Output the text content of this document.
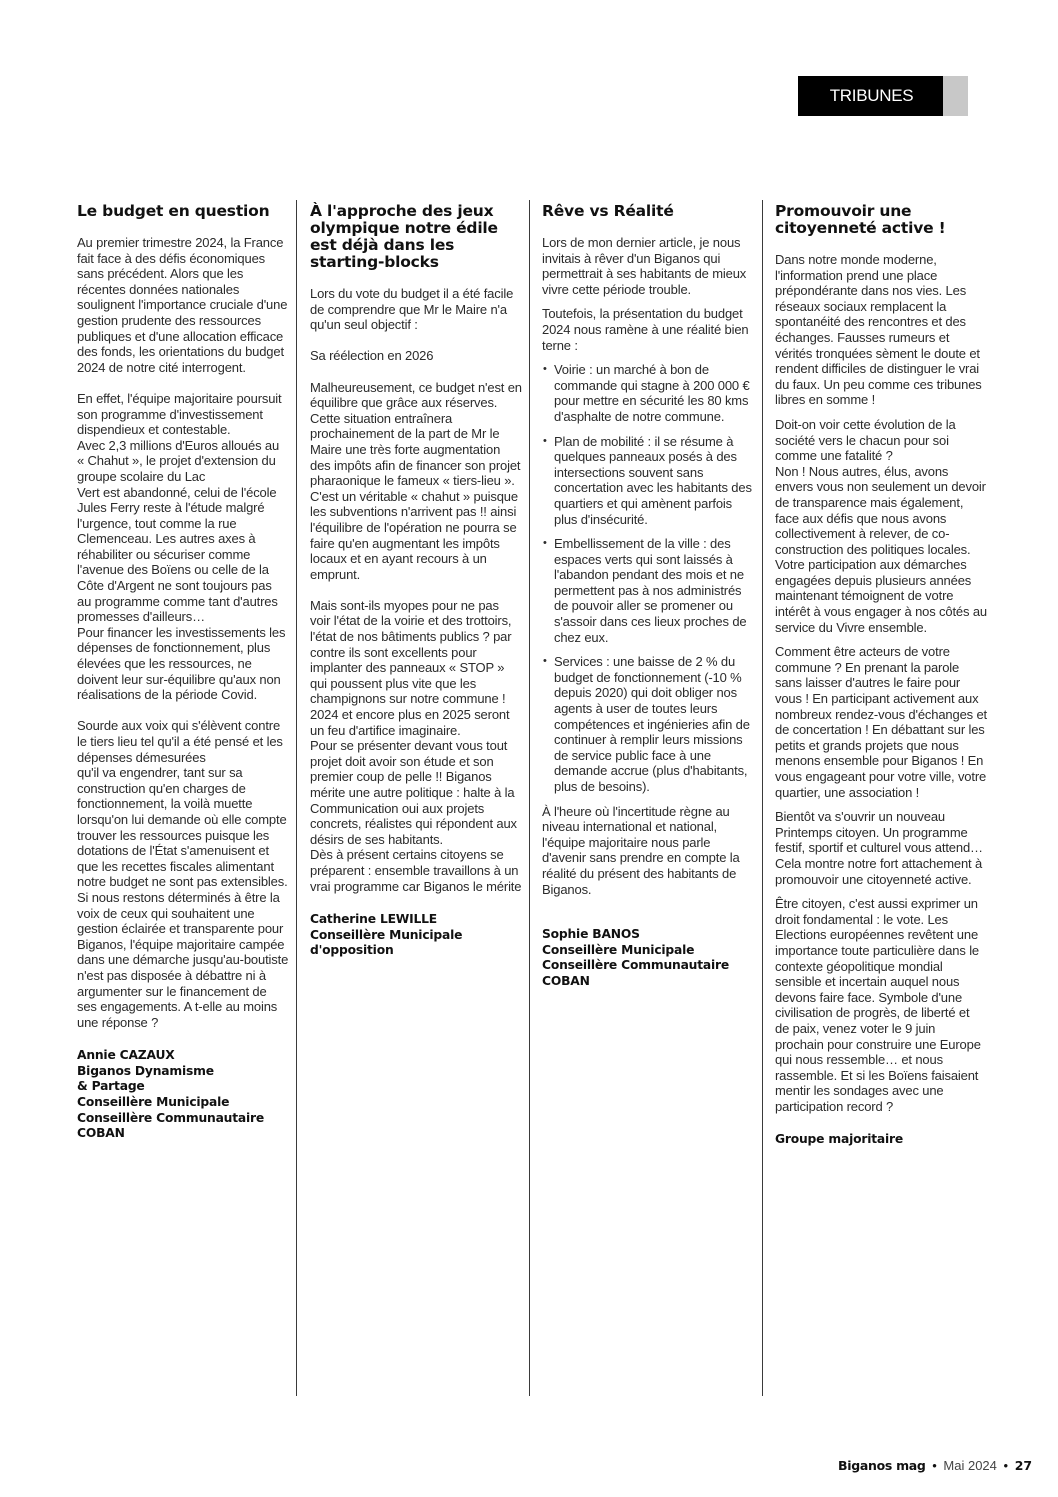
TRIBUNES LIBRES
Le budget en question

Au premier trimestre 2024, la France fait face à des défis économiques sans précédent. Alors que les récentes données nationales soulignent l'importance cruciale d'une gestion prudente des ressources publiques et d'une allocation efficace des fonds, les orientations du budget 2024 de notre cité interrogent.

En effet, l'équipe majoritaire poursuit son programme d'investissement dispendieux et contestable.

Avec 2,3 millions d'Euros alloués au « Chahut », le projet d'extension du groupe scolaire du Lac

Vert est abandonné, celui de l'école Jules Ferry reste à l'étude malgré l'urgence, tout comme la rue Clemenceau. Les autres axes à réhabiliter ou sécuriser comme l'avenue des Boïens ou celle de la Côte d'Argent ne sont toujours pas au programme comme tant d'autres promesses d'ailleurs…

Pour financer les investissements les dépenses de fonctionnement, plus élevées que les ressources, ne doivent leur sur-équilibre qu'aux non réalisations de la période Covid.

Sourde aux voix qui s'élèvent contre le tiers lieu tel qu'il a été pensé et les dépenses démesurées

qu'il va engendrer, tant sur sa construction qu'en charges de fonctionnement, la voilà muette lorsqu'on lui demande où elle compte trouver les ressources puisque les dotations de l'État s'amenuisent et que les recettes fiscales alimentant notre budget ne sont pas extensibles.

Si nous restons déterminés à être la voix de ceux qui souhaitent une gestion éclairée et transparente pour Biganos, l'équipe majoritaire campée dans une démarche jusqu'au-boutiste n'est pas disposée à débattre ni à argumenter sur le financement de ses engagements. A t-elle au moins une réponse ?

Annie CAZAUX
Biganos Dynamisme
& Partage
Conseillère Municipale
Conseillère Communautaire
COBAN
À l'approche des jeux olympique notre édile est déjà dans les starting-blocks

Lors du vote du budget il a été facile de comprendre que Mr le Maire n'a qu'un seul objectif :

Sa réélection en 2026

Malheureusement, ce budget n'est en équilibre que grâce aux réserves. Cette situation entraînera prochainement de la part de Mr le Maire une très forte augmentation des impôts afin de financer son projet pharaonique le fameux « tiers-lieu ».

C'est un véritable « chahut » puisque les subventions n'arrivent pas !! ainsi l'équilibre de l'opération ne pourra se faire qu'en augmentant les impôts locaux et en ayant recours à un emprunt.

Mais sont-ils myopes pour ne pas voir l'état de la voirie et des trottoirs, l'état de nos bâtiments publics ? par contre ils sont excellents pour implanter des panneaux « STOP » qui poussent plus vite que les champignons sur notre commune !

2024 et encore plus en 2025 seront un feu d'artifice imaginaire.

Pour se présenter devant vous tout projet doit avoir son étude et son premier coup de pelle !! Biganos mérite une autre politique : halte à la Communication oui aux projets concrets, réalistes qui répondent aux désirs de ses habitants.

Dès à présent certains citoyens se préparent : ensemble travaillons à un vrai programme car Biganos le mérite

Catherine LEWILLE
Conseillère Municipale
d'opposition
Rêve vs Réalité

Lors de mon dernier article, je nous invitais à rêver d'un Biganos qui permettrait à ses habitants de mieux vivre cette période trouble.

Toutefois, la présentation du budget 2024 nous ramène à une réalité bien terne :

• Voirie : un marché à bon de commande qui stagne à 200 000 € pour mettre en sécurité les 80 kms d'asphalte de notre commune.
• Plan de mobilité : il se résume à quelques panneaux posés à des intersections souvent sans concertation avec les habitants des quartiers et qui amènent parfois plus d'insécurité.
• Embellissement de la ville : des espaces verts qui sont laissés à l'abandon pendant des mois et ne permettent pas à nos administrés de pouvoir aller se promener ou s'assoir dans ces lieux proches de chez eux.
• Services : une baisse de 2 % du budget de fonctionnement (-10 % depuis 2020) qui doit obliger nos agents à user de toutes leurs compétences et ingénieries afin de continuer à remplir leurs missions de service public face à une demande accrue (plus d'habitants, plus de besoins).

À l'heure où l'incertitude règne au niveau international et national, l'équipe majoritaire nous parle d'avenir sans prendre en compte la réalité du présent des habitants de Biganos.

Sophie BANOS
Conseillère Municipale
Conseillère Communautaire
COBAN
Promouvoir une citoyenneté active !

Dans notre monde moderne, l'information prend une place prépondérante dans nos vies. Les réseaux sociaux remplacent la spontanéité des rencontres et des échanges. Fausses rumeurs et vérités tronquées sèment le doute et rendent difficiles de distinguer le vrai du faux. Un peu comme ces tribunes libres en somme !

Doit-on voir cette évolution de la société vers le chacun pour soi comme une fatalité ?

Non ! Nous autres, élus, avons envers vous non seulement un devoir de transparence mais également, face aux défis que nous avons collectivement à relever, de co-construction des politiques locales. Votre participation aux démarches engagées depuis plusieurs années maintenant témoignent de votre intérêt à vous engager à nos côtés au service du Vivre ensemble.

Comment être acteurs de votre commune ? En prenant la parole sans laisser d'autres le faire pour vous ! En participant activement aux nombreux rendez-vous d'échanges et de concertation ! En débattant sur les petits et grands projets que nous menons ensemble pour Biganos ! En vous engageant pour votre ville, votre quartier, une association !

Bientôt va s'ouvrir un nouveau Printemps citoyen. Un programme festif, sportif et culturel vous attend… Cela montre notre fort attachement à promouvoir une citoyenneté active.

Être citoyen, c'est aussi exprimer un droit fondamental : le vote. Les Elections européennes revêtent une importance toute particulière dans le contexte géopolitique mondial sensible et incertain auquel nous devons faire face. Symbole d'une civilisation de progrès, de liberté et de paix, venez voter le 9 juin prochain pour construire une Europe qui nous ressemble… et nous rassemble. Et si les Boïens faisaient mentir les sondages avec une participation record ?

Groupe majoritaire
Biganos mag • Mai 2024 • 27
